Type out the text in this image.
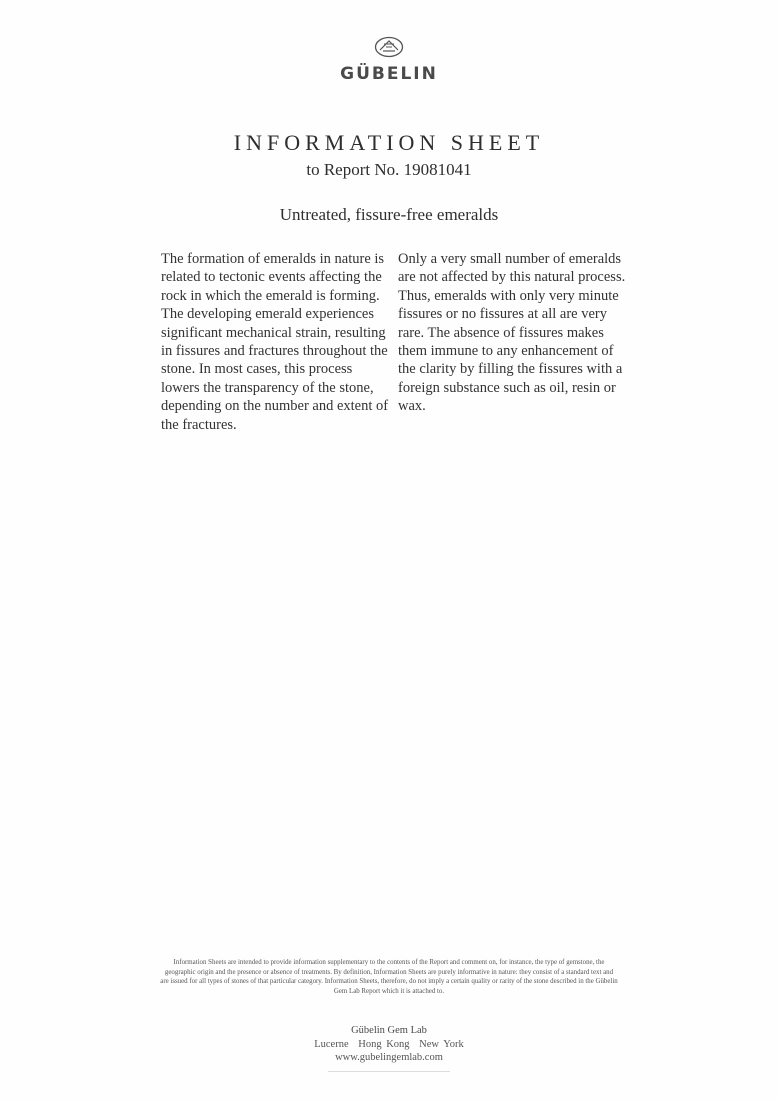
GÜBELIN
INFORMATION SHEET
to Report No. 19081041
Untreated, fissure-free emeralds

The formation of emeralds in nature is related to tectonic events affecting the rock in which the emerald is forming. The developing emerald experiences significant mechanical strain, resulting in fissures and fractures throughout the stone. In most cases, this process lowers the transparency of the stone, depending on the number and extent of the fractures.

Only a very small number of emeralds are not affected by this natural process. Thus, emeralds with only very minute fissures or no fissures at all are very rare. The absence of fissures makes them immune to any enhancement of the clarity by filling the fissures with a foreign substance such as oil, resin or wax.

Information Sheets are intended to provide information supplementary to the contents of the Report and comment on, for instance, the type of gemstone, the geographic origin and the presence or absence of treatments. By definition, Information Sheets are purely informative in nature: they consist of a standard text and are issued for all types of stones of that particular category. Information Sheets, therefore, do not imply a certain quality or rarity of the stone described in the Gübelin Gem Lab Report which it is attached to.

Gübelin Gem Lab
Lucerne Hong Kong New York
www.gubelingemlab.com
